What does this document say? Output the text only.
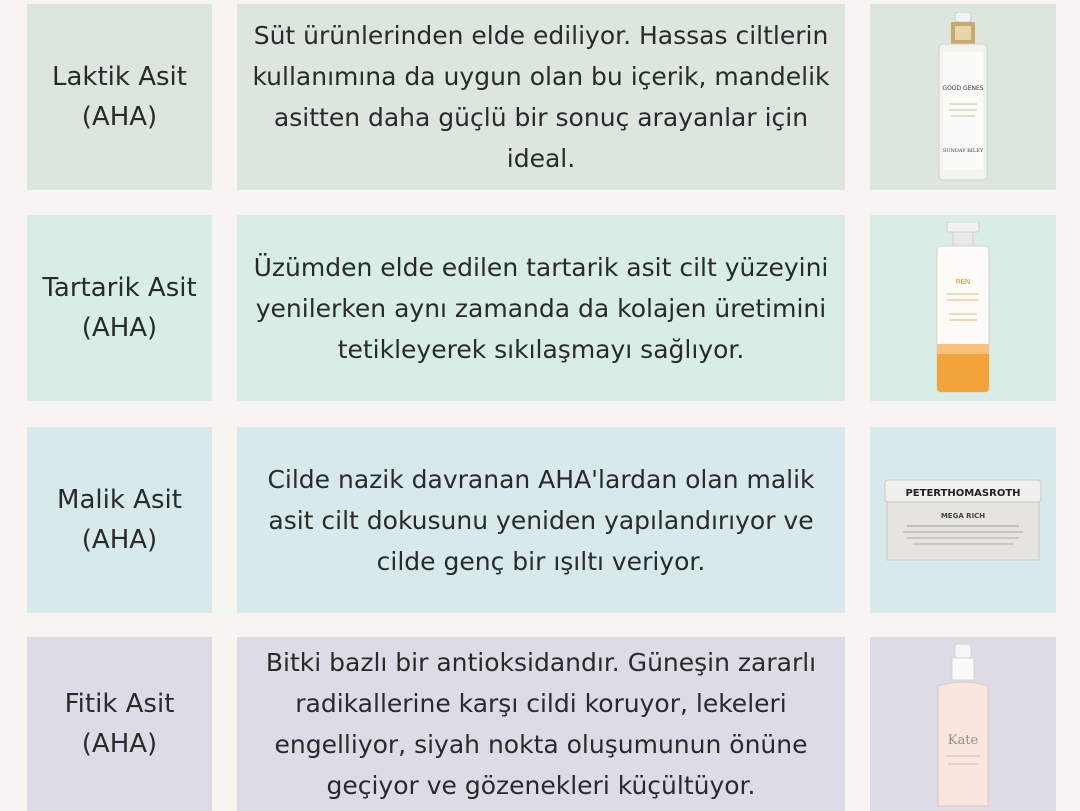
Laktik Asit
(AHA)
Süt ürünlerinden elde ediliyor. Hassas ciltlerin kullanımına da uygun olan bu içerik, mandelik asitten daha güçlü bir sonuç arayanlar için ideal.
GOOD GENES
SUNDAY RILEY
Tartarik Asit
(AHA)
Üzümden elde edilen tartarik asit cilt yüzeyini yenilerken aynı zamanda da kolajen üretimini tetikleyerek sıkılaşmayı sağlıyor.
REN
Malik Asit
(AHA)
Cilde nazik davranan AHA'lardan olan malik asit cilt dokusunu yeniden yapılandırıyor ve cilde genç bir ışıltı veriyor.
PETERTHOMASROTH
MEGA RICH
Fitik Asit
(AHA)
Bitki bazlı bir antioksidandır. Güneşin zararlı radikallerine karşı cildi koruyor, lekeleri engelliyor, siyah nokta oluşumunun önüne geçiyor ve gözenekleri küçültüyor.
Kate
